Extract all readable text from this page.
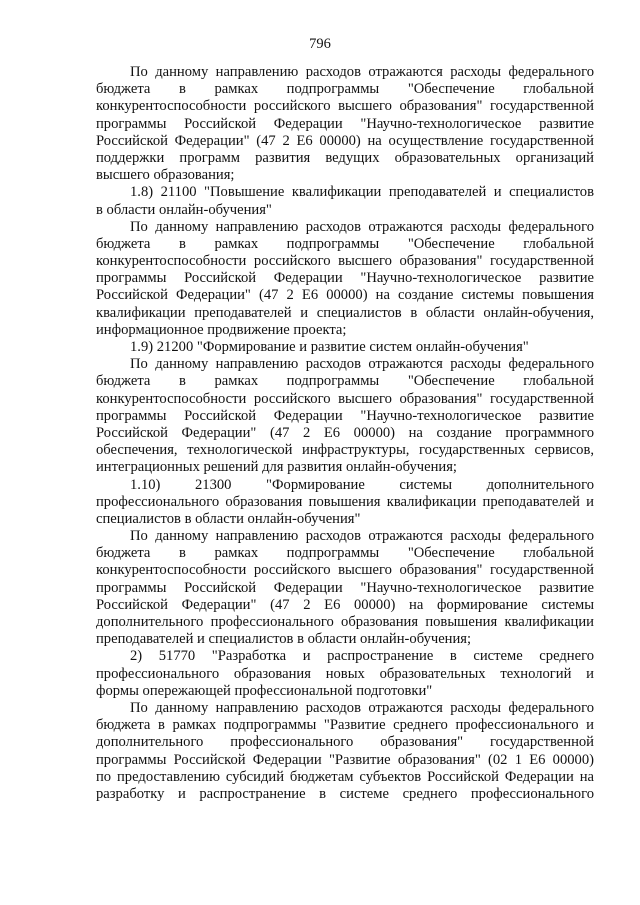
796
По данному направлению расходов отражаются расходы федерального
бюджета в рамках подпрограммы "Обеспечение глобальной
конкурентоспособности российского высшего образования" государственной
программы Российской Федерации "Научно-технологическое развитие
Российской Федерации" (47 2 Е6 00000) на осуществление государственной
поддержки программ развития ведущих образовательных организаций
высшего образования;
1.8) 21100 "Повышение квалификации преподавателей и специалистов
в области онлайн-обучения"
По данному направлению расходов отражаются расходы федерального
бюджета в рамках подпрограммы "Обеспечение глобальной
конкурентоспособности российского высшего образования" государственной
программы Российской Федерации "Научно-технологическое развитие
Российской Федерации" (47 2 Е6 00000) на создание системы повышения
квалификации преподавателей и специалистов в области онлайн-обучения,
информационное продвижение проекта;
1.9) 21200 "Формирование и развитие систем онлайн-обучения"
По данному направлению расходов отражаются расходы федерального
бюджета в рамках подпрограммы "Обеспечение глобальной
конкурентоспособности российского высшего образования" государственной
программы Российской Федерации "Научно-технологическое развитие
Российской Федерации" (47 2 Е6 00000) на создание программного
обеспечения, технологической инфраструктуры, государственных сервисов,
интеграционных решений для развития онлайн-обучения;
1.10) 21300 "Формирование системы дополнительного
профессионального образования повышения квалификации преподавателей и
специалистов в области онлайн-обучения"
По данному направлению расходов отражаются расходы федерального
бюджета в рамках подпрограммы "Обеспечение глобальной
конкурентоспособности российского высшего образования" государственной
программы Российской Федерации "Научно-технологическое развитие
Российской Федерации" (47 2 Е6 00000) на формирование системы
дополнительного профессионального образования повышения квалификации
преподавателей и специалистов в области онлайн-обучения;
2) 51770 "Разработка и распространение в системе среднего
профессионального образования новых образовательных технологий и
формы опережающей профессиональной подготовки"
По данному направлению расходов отражаются расходы федерального
бюджета в рамках подпрограммы "Развитие среднего профессионального и
дополнительного профессионального образования" государственной
программы Российской Федерации "Развитие образования" (02 1 Е6 00000)
по предоставлению субсидий бюджетам субъектов Российской Федерации на
разработку и распространение в системе среднего профессионального
